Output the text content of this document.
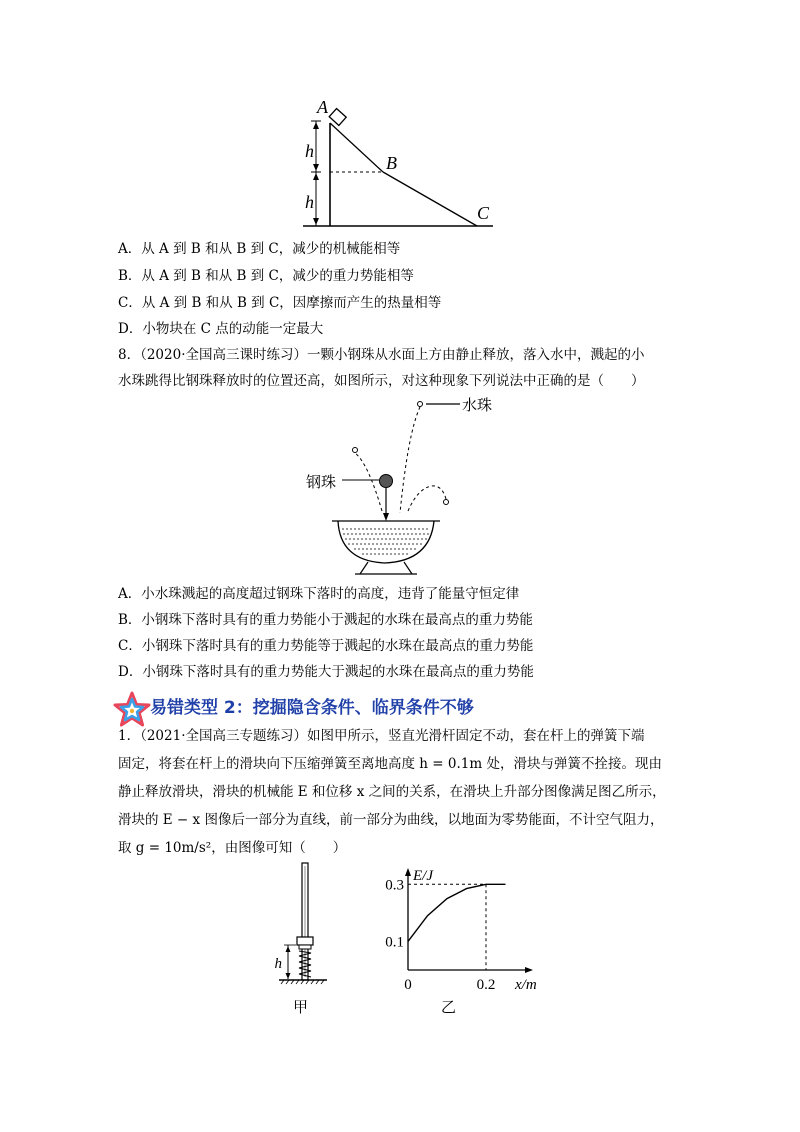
A
B
C
h
h
A．从 A 到 B 和从 B 到 C，减少的机械能相等
B．从 A 到 B 和从 B 到 C，减少的重力势能相等
C．从 A 到 B 和从 B 到 C，因摩擦而产生的热量相等
D．小物块在 C 点的动能一定最大
8．（2020·全国高三课时练习）一颗小钢珠从水面上方由静止释放，落入水中，溅起的小
水珠跳得比钢珠释放时的位置还高，如图所示，对这种现象下列说法中正确的是（　　）
水珠
钢珠
A．小水珠溅起的高度超过钢珠下落时的高度，违背了能量守恒定律
B．小钢珠下落时具有的重力势能小于溅起的水珠在最高点的重力势能
C．小钢珠下落时具有的重力势能等于溅起的水珠在最高点的重力势能
D．小钢珠下落时具有的重力势能大于溅起的水珠在最高点的重力势能
易错类型 2：挖掘隐含条件、临界条件不够
1．（2021·全国高三专题练习）如图甲所示，竖直光滑杆固定不动，套在杆上的弹簧下端
固定，将套在杆上的滑块向下压缩弹簧至离地高度 h = 0.1m 处，滑块与弹簧不拴接。现由
静止释放滑块，滑块的机械能 E 和位移 x 之间的关系，在滑块上升部分图像满足图乙所示，
滑块的 E − x 图像后一部分为直线，前一部分为曲线，以地面为零势能面，不计空气阻力，
取 g = 10m/s²，由图像可知（　　）
h
甲
0.3
0.1
0	0.2
E/J
x/m
乙
